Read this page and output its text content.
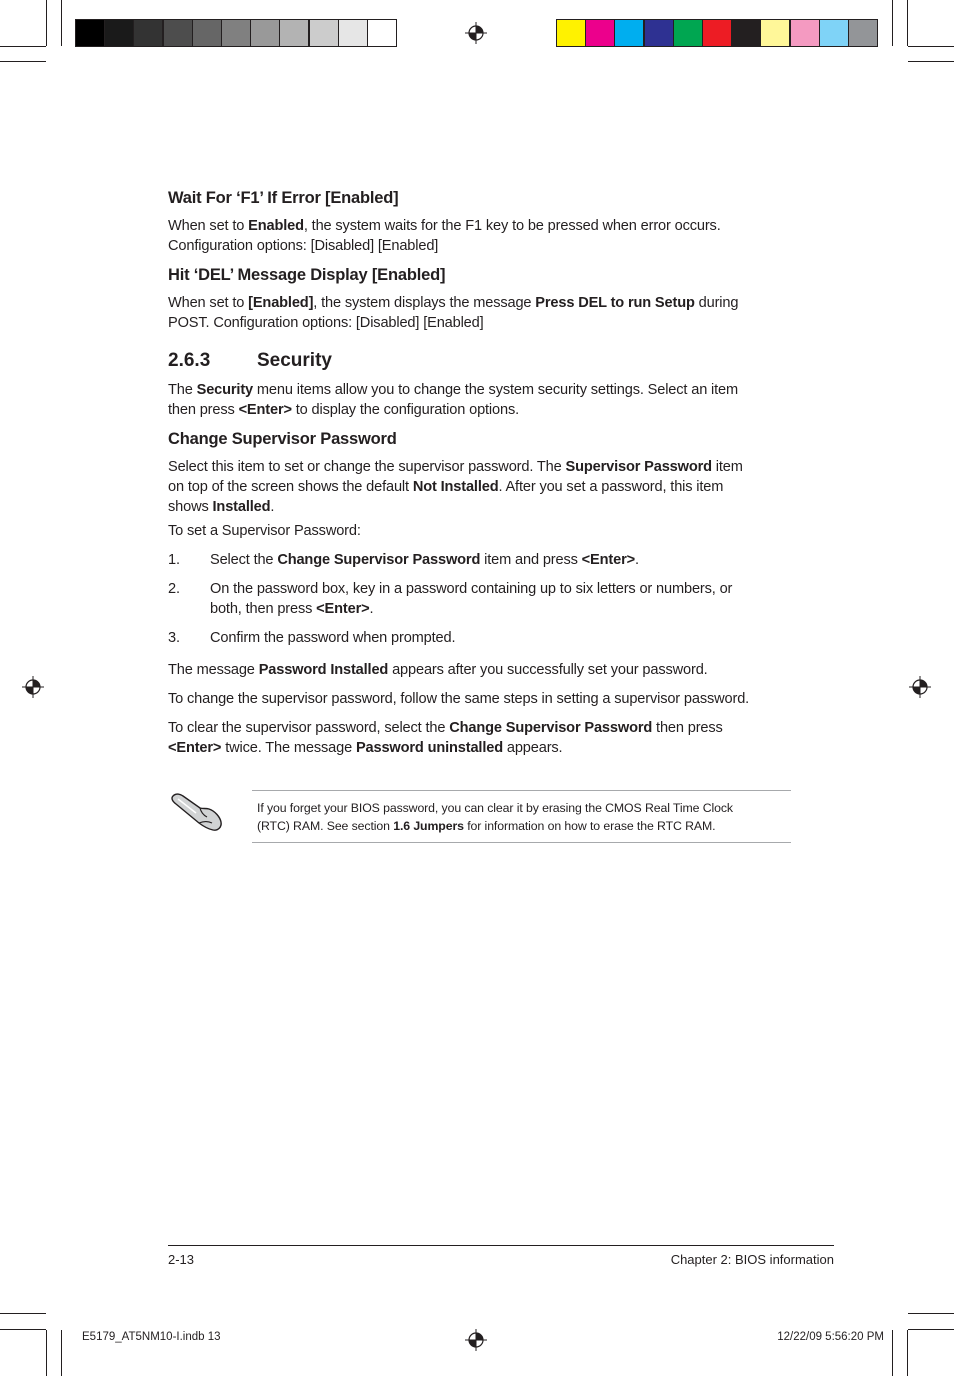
Wait For ‘F1’ If Error [Enabled]
When set to Enabled, the system waits for the F1 key to be pressed when error occurs.
Configuration options: [Disabled] [Enabled]
Hit ‘DEL’ Message Display [Enabled]
When set to [Enabled], the system displays the message Press DEL to run Setup during
POST. Configuration options: [Disabled] [Enabled]
2.6.3 Security
The Security menu items allow you to change the system security settings. Select an item
then press <Enter> to display the configuration options.
Change Supervisor Password
Select this item to set or change the supervisor password. The Supervisor Password item
on top of the screen shows the default Not Installed. After you set a password, this item
shows Installed.
To set a Supervisor Password:
1. Select the Change Supervisor Password item and press <Enter>.
2. On the password box, key in a password containing up to six letters or numbers, or
both, then press <Enter>.
3. Confirm the password when prompted.
The message Password Installed appears after you successfully set your password.
To change the supervisor password, follow the same steps in setting a supervisor password.
To clear the supervisor password, select the Change Supervisor Password then press
<Enter> twice. The message Password uninstalled appears.
If you forget your BIOS password, you can clear it by erasing the CMOS Real Time Clock
(RTC) RAM. See section 1.6 Jumpers for information on how to erase the RTC RAM.
2-13	Chapter 2: BIOS information
E5179_AT5NM10-I.indb 13	12/22/09 5:56:20 PM
